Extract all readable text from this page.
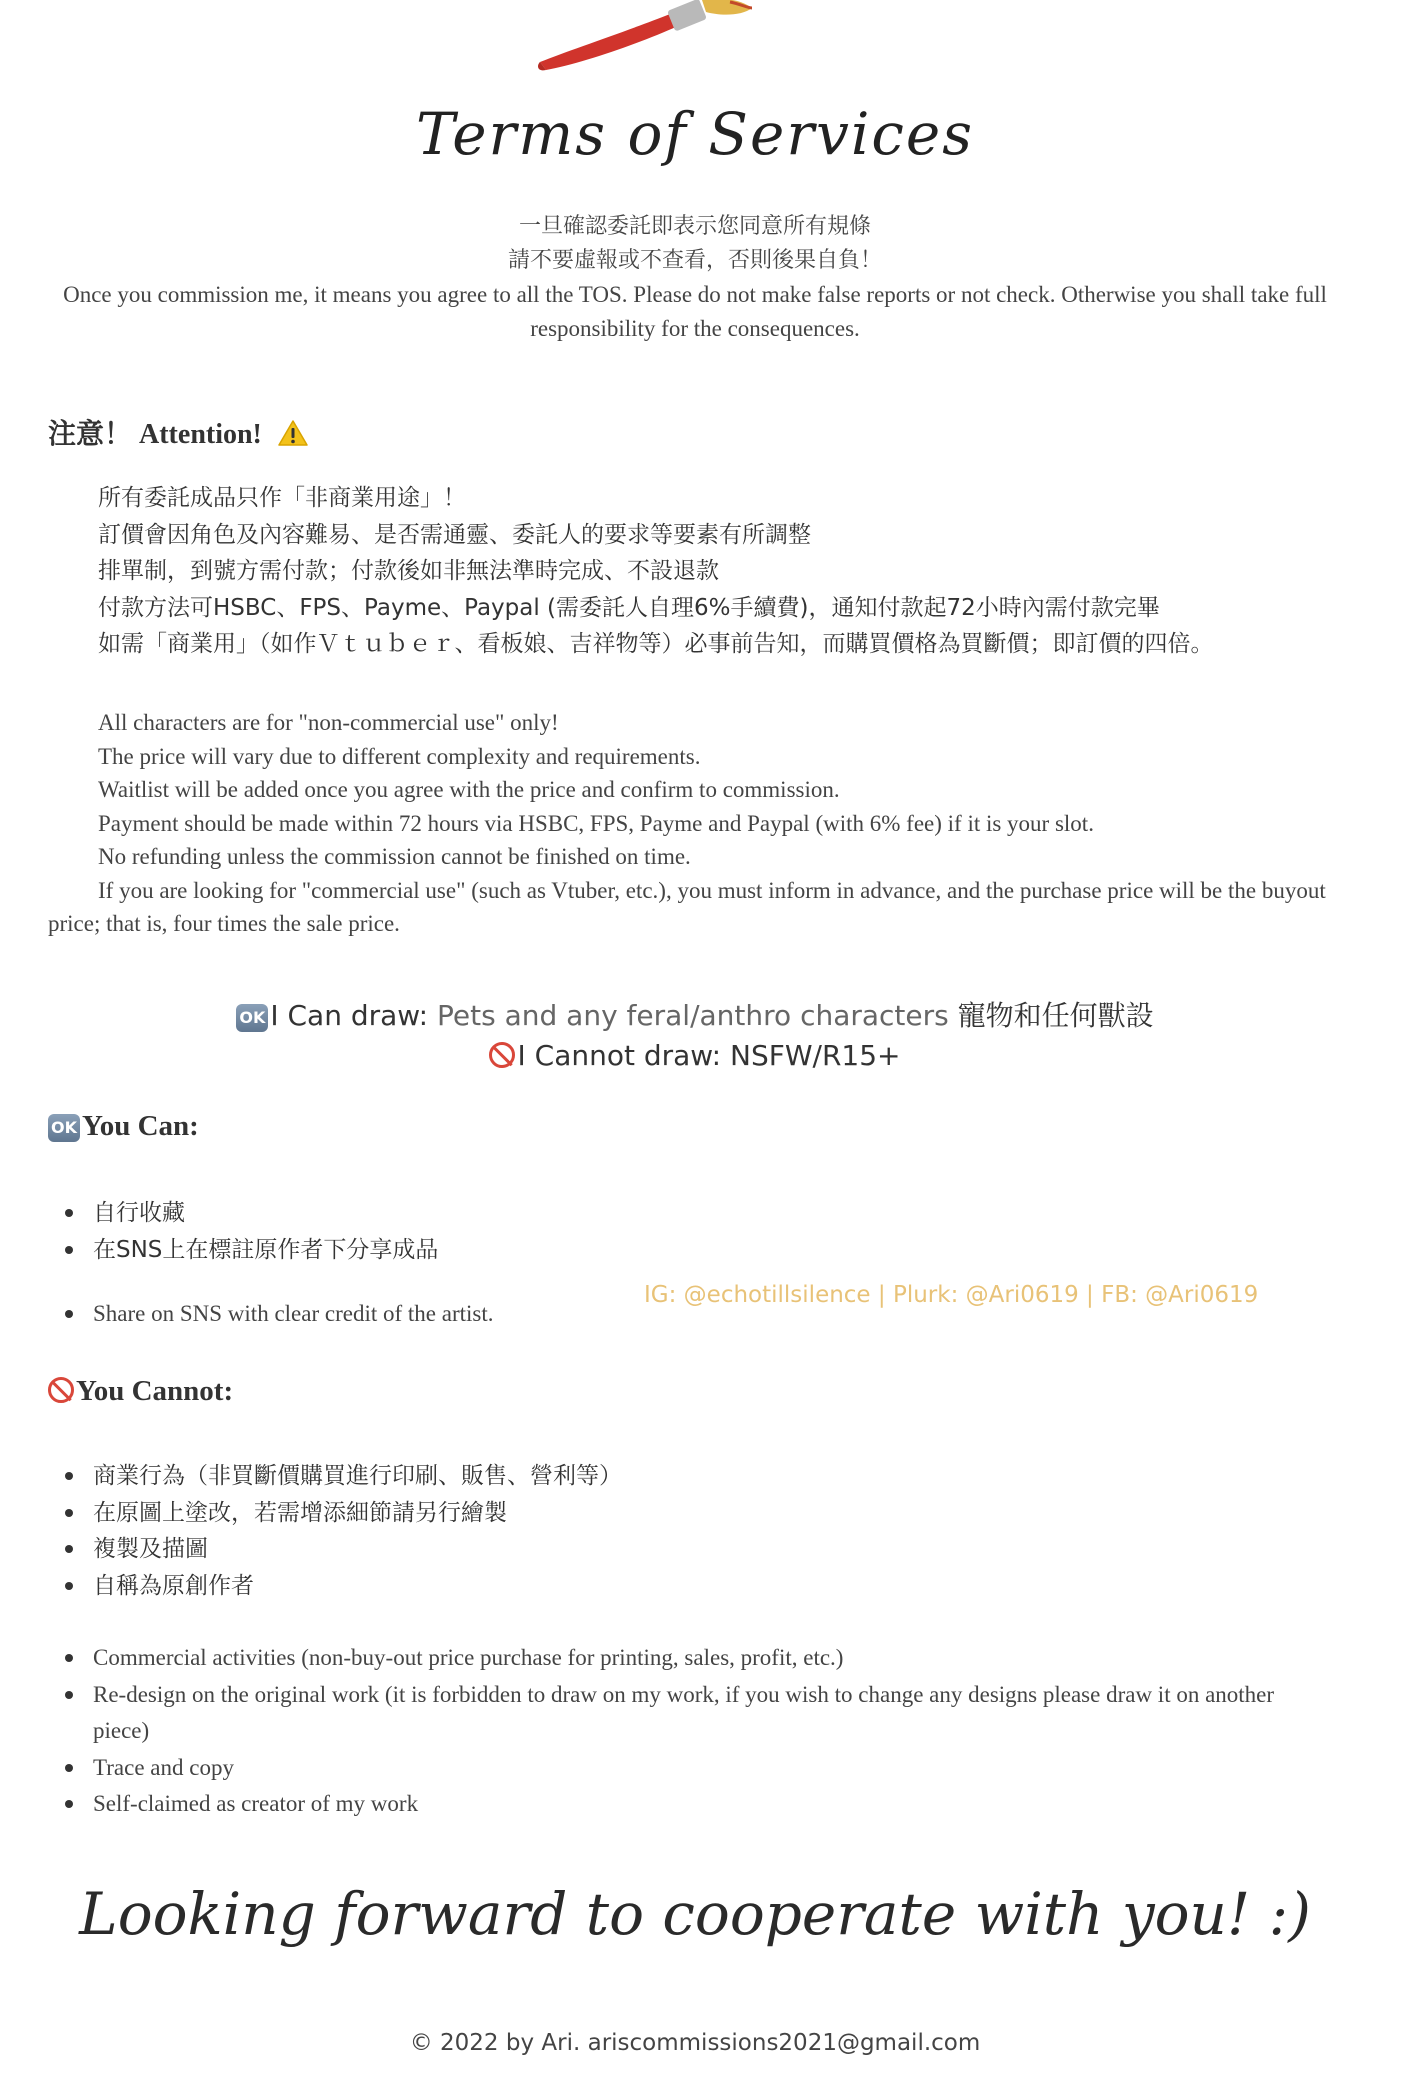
Terms of Services
一旦確認委託即表示您同意所有規條
請不要虛報或不查看，否則後果自負！
Once you commission me, it means you agree to all the TOS. Please do not make false reports or not check. Otherwise you shall take full responsibility for the consequences.
注意！ Attention!
所有委託成品只作「非商業用途」！
訂價會因角色及內容難易、是否需通靈、委託人的要求等要素有所調整
排單制，到號方需付款；付款後如非無法準時完成、不設退款
付款方法可HSBC、FPS、Payme、Paypal (需委託人自理6%手續費)，通知付款起72小時內需付款完畢
如需「商業用」（如作Ｖｔｕｂｅｒ、看板娘、吉祥物等）必事前告知，而購買價格為買斷價；即訂價的四倍。
All characters are for "non-commercial use" only!
The price will vary due to different complexity and requirements.
Waitlist will be added once you agree with the price and confirm to commission.
Payment should be made within 72 hours via HSBC, FPS, Payme and Paypal (with 6% fee) if it is your slot.
No refunding unless the commission cannot be finished on time.
If you are looking for "commercial use" (such as Vtuber, etc.), you must inform in advance, and the purchase price will be the buyout price; that is, four times the sale price.
OK I Can draw: Pets and any feral/anthro characters 寵物和任何獸設
I Cannot draw: NSFW/R15+
OK You Can:
自行收藏
在SNS上在標註原作者下分享成品
Share on SNS with clear credit of the artist.
IG: @echotillsilence | Plurk: @Ari0619 | FB: @Ari0619
You Cannot:
商業行為（非買斷價購買進行印刷、販售、營利等）
在原圖上塗改，若需增添細節請另行繪製
複製及描圖
自稱為原創作者
Commercial activities (non-buy-out price purchase for printing, sales, profit, etc.)
Re-design on the original work (it is forbidden to draw on my work, if you wish to change any designs please draw it on another piece)
Trace and copy
Self-claimed as creator of my work
Looking forward to cooperate with you! :)
© 2022 by Ari. ariscommissions2021@gmail.com
